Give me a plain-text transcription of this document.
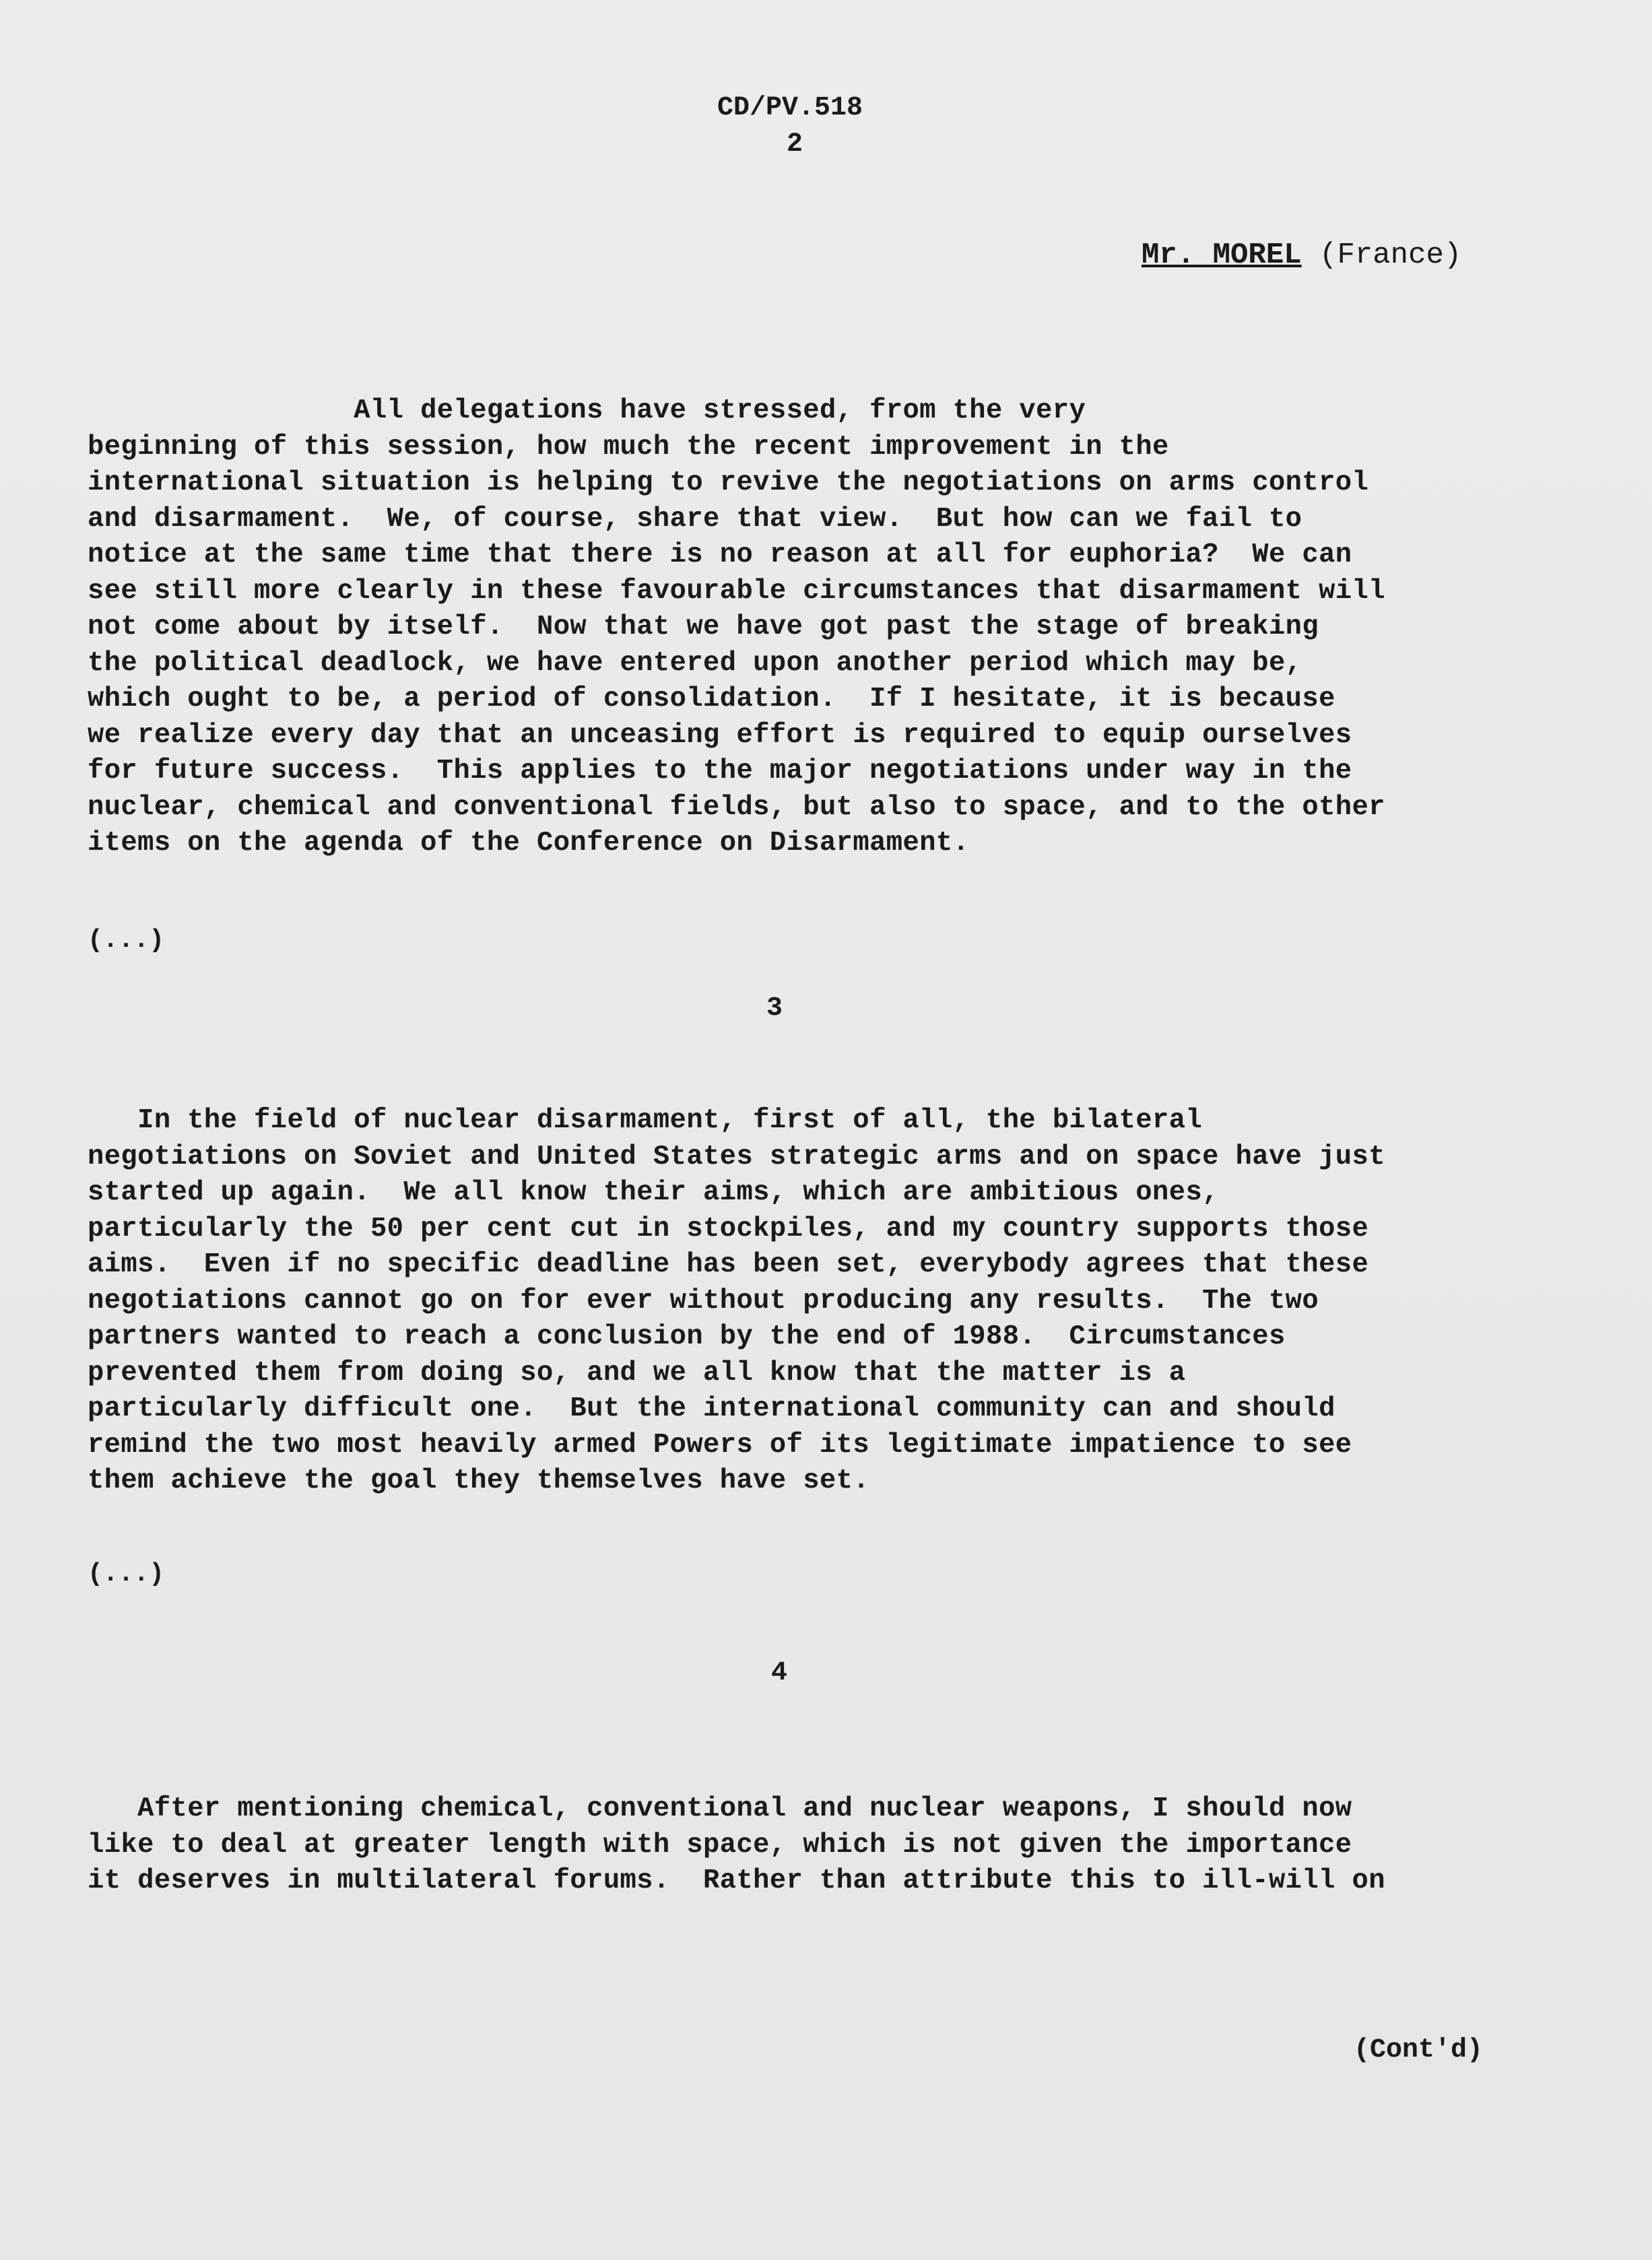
CD/PV.518
2
Mr. MOREL (France)
All delegations have stressed, from the very
beginning of this session, how much the recent improvement in the
international situation is helping to revive the negotiations on arms control
and disarmament.  We, of course, share that view.  But how can we fail to
notice at the same time that there is no reason at all for euphoria?  We can
see still more clearly in these favourable circumstances that disarmament will
not come about by itself.  Now that we have got past the stage of breaking
the political deadlock, we have entered upon another period which may be,
which ought to be, a period of consolidation.  If I hesitate, it is because
we realize every day that an unceasing effort is required to equip ourselves
for future success.  This applies to the major negotiations under way in the
nuclear, chemical and conventional fields, but also to space, and to the other
items on the agenda of the Conference on Disarmament.
(...)
3
In the field of nuclear disarmament, first of all, the bilateral
negotiations on Soviet and United States strategic arms and on space have just
started up again.  We all know their aims, which are ambitious ones,
particularly the 50 per cent cut in stockpiles, and my country supports those
aims.  Even if no specific deadline has been set, everybody agrees that these
negotiations cannot go on for ever without producing any results.  The two
partners wanted to reach a conclusion by the end of 1988.  Circumstances
prevented them from doing so, and we all know that the matter is a
particularly difficult one.  But the international community can and should
remind the two most heavily armed Powers of its legitimate impatience to see
them achieve the goal they themselves have set.
(...)
4
After mentioning chemical, conventional and nuclear weapons, I should now
like to deal at greater length with space, which is not given the importance
it deserves in multilateral forums.  Rather than attribute this to ill-will on
(Cont'd)
